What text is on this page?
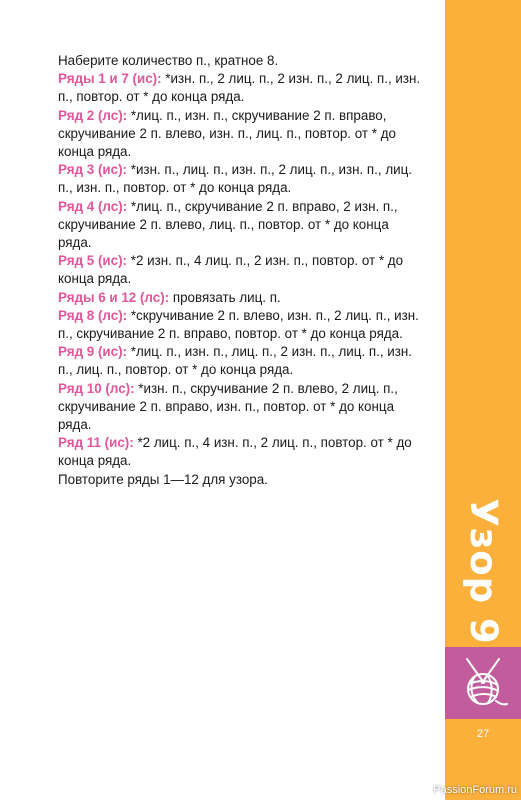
Наберите количество п., кратное 8.

Ряды 1 и 7 (ис): *изн. п., 2 лиц. п., 2 изн. п., 2 лиц. п., изн. п., повтор. от * до конца ряда.

Ряд 2 (лс): *лиц. п., изн. п., скручивание 2 п. вправо, скручивание 2 п. влево, изн. п., лиц. п., повтор. от * до конца ряда.

Ряд 3 (ис): *изн. п., лиц. п., изн. п., 2 лиц. п., изн. п., лиц. п., изн. п., повтор. от * до конца ряда.

Ряд 4 (лс): *лиц. п., скручивание 2 п. вправо, 2 изн. п., скручивание 2 п. влево, лиц. п., повтор. от * до конца ряда.

Ряд 5 (ис): *2 изн. п., 4 лиц. п., 2 изн. п., повтор. от * до конца ряда.

Ряды 6 и 12 (лс): провязать лиц. п.

Ряд 8 (лс): *скручивание 2 п. влево, изн. п., 2 лиц. п., изн. п., скручивание 2 п. вправо, повтор. от * до конца ряда.

Ряд 9 (ис): *лиц. п., изн. п., лиц. п., 2 изн. п., лиц. п., изн. п., лиц. п., повтор. от * до конца ряда.

Ряд 10 (лс): *изн. п., скручивание 2 п. влево, 2 лиц. п., скручивание 2 п. вправо, изн. п., повтор. от * до конца ряда.

Ряд 11 (ис): *2 лиц. п., 4 изн. п., 2 лиц. п., повтор. от * до конца ряда.

Повторите ряды 1—12 для узора.

Узор 9
27
PassionForum.ru
